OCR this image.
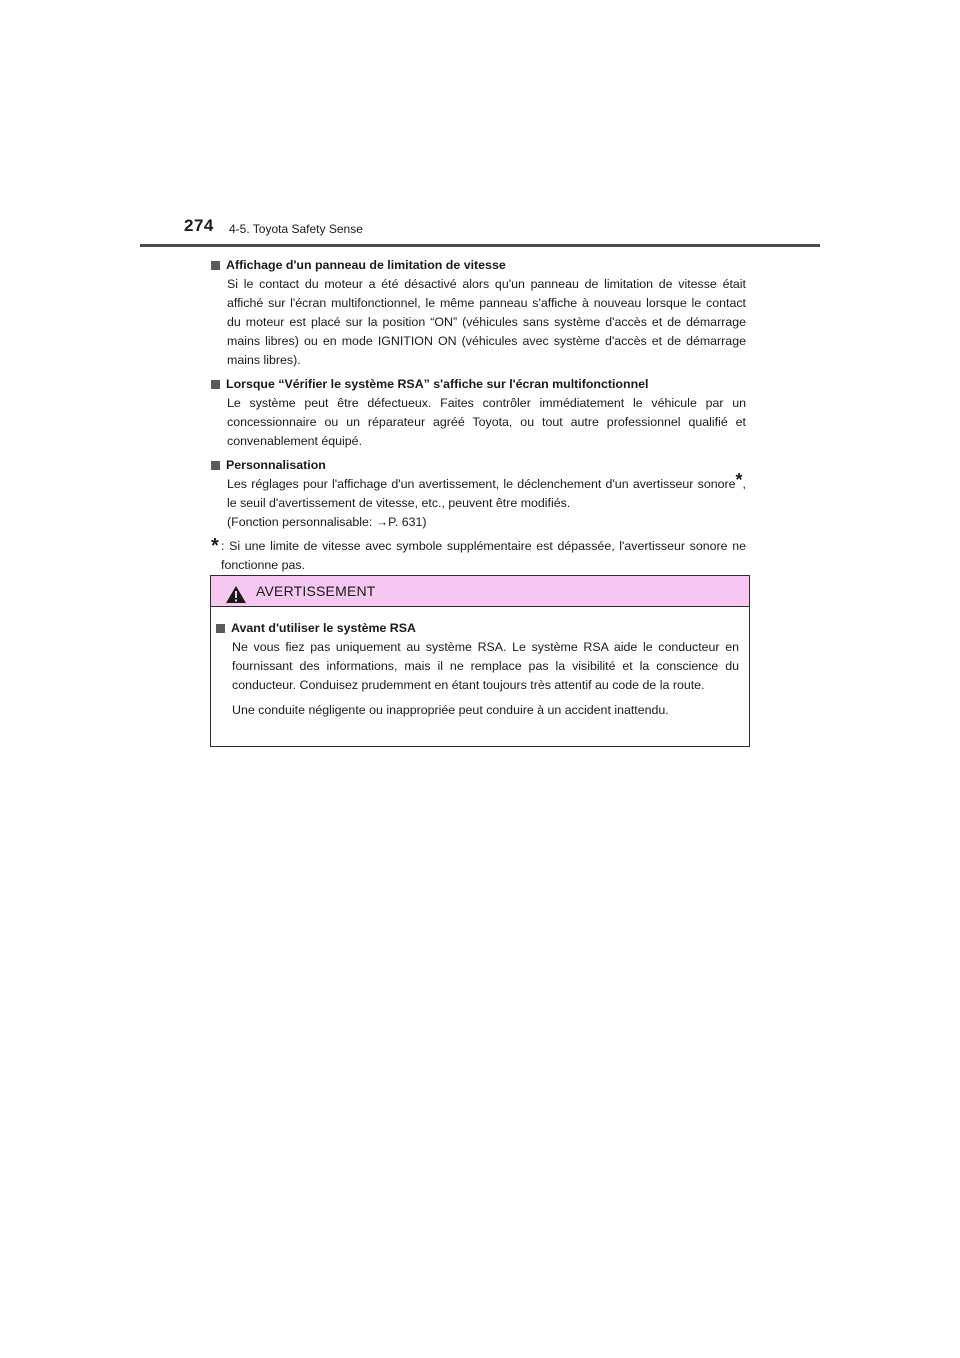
274 4-5. Toyota Safety Sense
Affichage d'un panneau de limitation de vitesse
Si le contact du moteur a été désactivé alors qu'un panneau de limitation de vitesse était affiché sur l'écran multifonctionnel, le même panneau s'affiche à nouveau lorsque le contact du moteur est placé sur la position “ON” (véhicules sans système d'accès et de démarrage mains libres) ou en mode IGNITION ON (véhicules avec système d'accès et de démarrage mains libres).
Lorsque “Vérifier le système RSA” s'affiche sur l'écran multifonctionnel
Le système peut être défectueux. Faites contrôler immédiatement le véhicule par un concessionnaire ou un réparateur agréé Toyota, ou tout autre professionnel qualifié et convenablement équipé.
Personnalisation
Les réglages pour l'affichage d'un avertissement, le déclenchement d'un avertisseur sonore*, le seuil d'avertissement de vitesse, etc., peuvent être modifiés.
(Fonction personnalisable: →P. 631)
* : Si une limite de vitesse avec symbole supplémentaire est dépassée, l'avertisseur sonore ne fonctionne pas.
AVERTISSEMENT
Avant d'utiliser le système RSA
Ne vous fiez pas uniquement au système RSA. Le système RSA aide le conducteur en fournissant des informations, mais il ne remplace pas la visibilité et la conscience du conducteur. Conduisez prudemment en étant toujours très attentif au code de la route.
Une conduite négligente ou inappropriée peut conduire à un accident inattendu.
